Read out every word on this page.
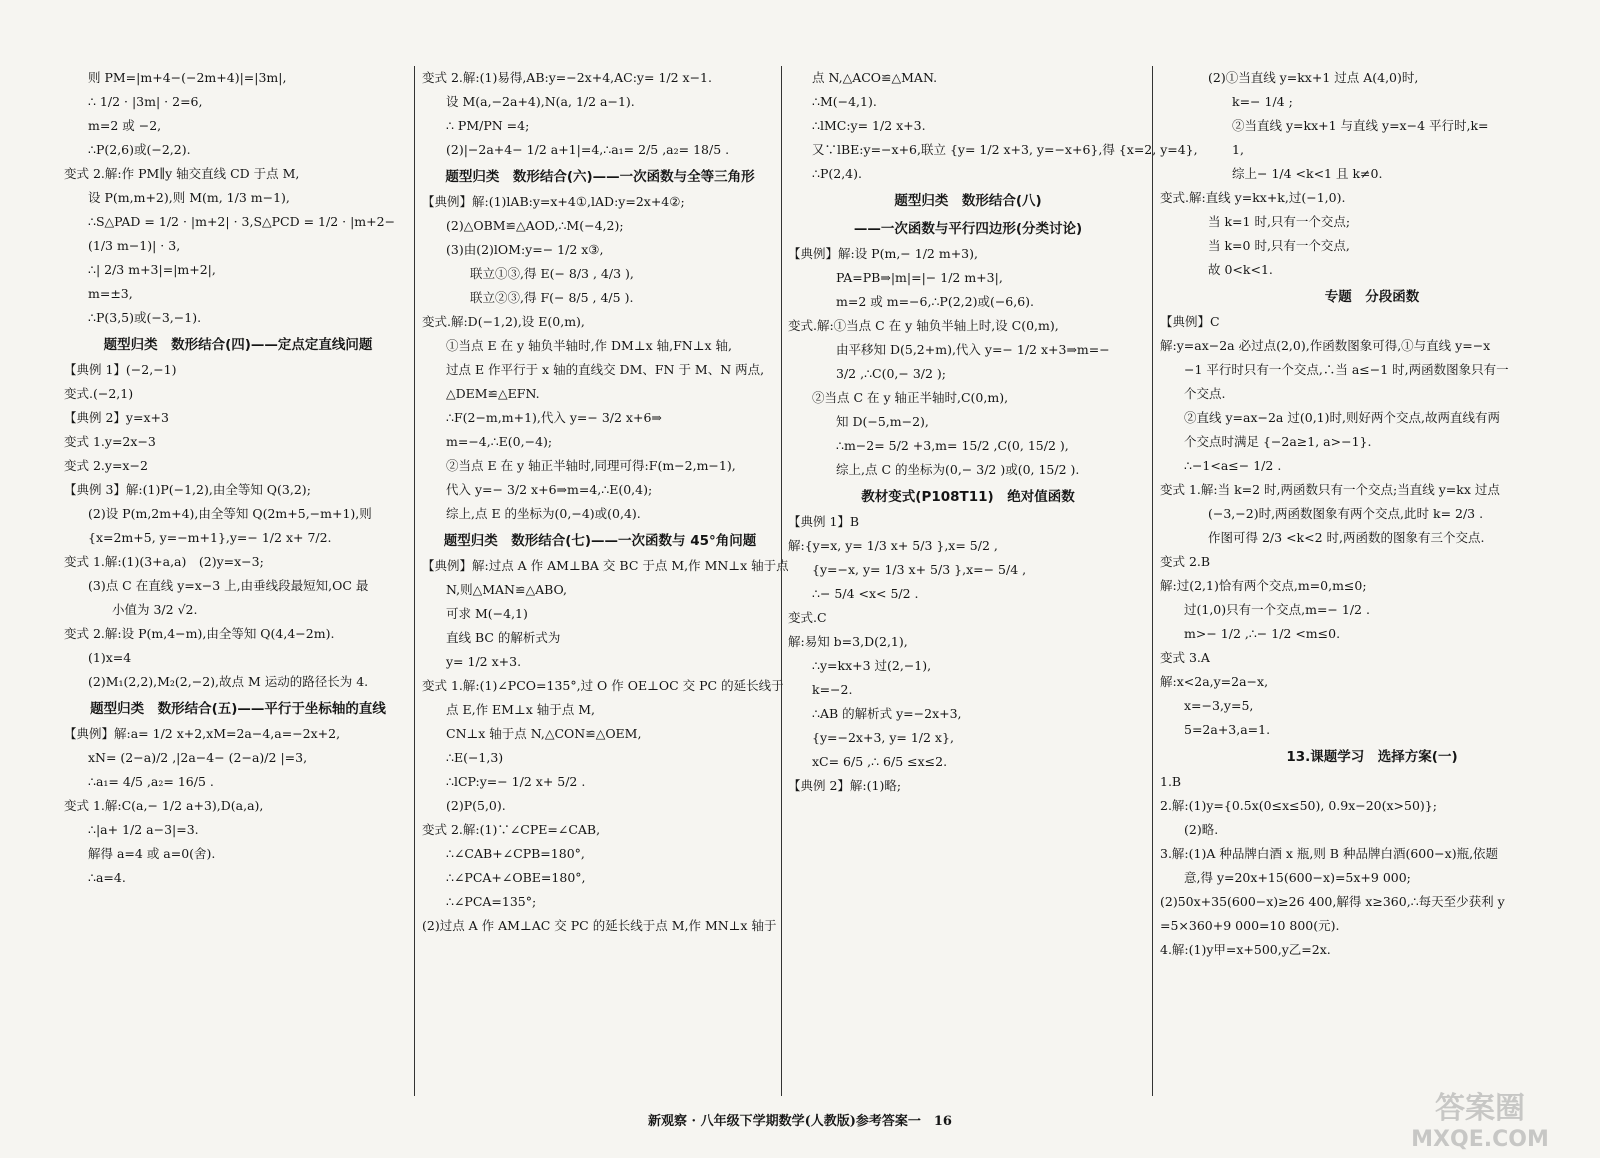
则 PM=|m+4−(−2m+4)|=|3m|,
∴ 1/2 · |3m| · 2=6,
m=2 或 −2,
∴P(2,6)或(−2,2).
变式 2.解:作 PM∥y 轴交直线 CD 于点 M,
设 P(m,m+2),则 M(m, 1/3 m−1),
∴S△PAD = 1/2 · |m+2| · 3,S△PCD = 1/2 · |m+2−
(1/3 m−1)| · 3,
∴| 2/3 m+3|=|m+2|,
m=±3,
∴P(3,5)或(−3,−1).
题型归类　数形结合(四)——定点定直线问题
【典例 1】(−2,−1)
变式.(−2,1)
【典例 2】y=x+3
变式 1.y=2x−3
变式 2.y=x−2
【典例 3】解:(1)P(−1,2),由全等知 Q(3,2);
(2)设 P(m,2m+4),由全等知 Q(2m+5,−m+1),则
{x=2m+5, y=−m+1},y=− 1/2 x+ 7/2.
变式 1.解:(1)(3+a,a)　(2)y=x−3;
(3)点 C 在直线 y=x−3 上,由垂线段最短知,OC 最
小值为 3/2 √2.
变式 2.解:设 P(m,4−m),由全等知 Q(4,4−2m).
(1)x=4
(2)M₁(2,2),M₂(2,−2),故点 M 运动的路径长为 4.
题型归类　数形结合(五)——平行于坐标轴的直线
【典例】解:a= 1/2 x+2,xM=2a−4,a=−2x+2,
xN= (2−a)/2 ,|2a−4− (2−a)/2 |=3,
∴a₁= 4/5 ,a₂= 16/5 .
变式 1.解:C(a,− 1/2 a+3),D(a,a),
∴|a+ 1/2 a−3|=3.
解得 a=4 或 a=0(舍).
∴a=4.
变式 2.解:(1)易得,AB:y=−2x+4,AC:y= 1/2 x−1.
设 M(a,−2a+4),N(a, 1/2 a−1).
∴ PM/PN =4;
(2)|−2a+4− 1/2 a+1|=4,∴a₁= 2/5 ,a₂= 18/5 .
题型归类　数形结合(六)——一次函数与全等三角形
【典例】解:(1)lAB:y=x+4①,lAD:y=2x+4②;
(2)△OBM≌△AOD,∴M(−4,2);
(3)由(2)lOM:y=− 1/2 x③,
联立①③,得 E(− 8/3 , 4/3 ),
联立②③,得 F(− 8/5 , 4/5 ).
变式.解:D(−1,2),设 E(0,m),
①当点 E 在 y 轴负半轴时,作 DM⊥x 轴,FN⊥x 轴,
过点 E 作平行于 x 轴的直线交 DM、FN 于 M、N 两点,
△DEM≌△EFN.
∴F(2−m,m+1),代入 y=− 3/2 x+6⇒
m=−4,∴E(0,−4);
②当点 E 在 y 轴正半轴时,同理可得:F(m−2,m−1),
代入 y=− 3/2 x+6⇒m=4,∴E(0,4);
综上,点 E 的坐标为(0,−4)或(0,4).
题型归类　数形结合(七)——一次函数与 45°角问题
【典例】解:过点 A 作 AM⊥BA 交 BC 于点 M,作 MN⊥x 轴于点
N,则△MAN≌△ABO,
可求 M(−4,1)
直线 BC 的解析式为
y= 1/2 x+3.
变式 1.解:(1)∠PCO=135°,过 O 作 OE⊥OC 交 PC 的延长线于
点 E,作 EM⊥x 轴于点 M,
CN⊥x 轴于点 N,△CON≌△OEM,
∴E(−1,3)
∴lCP:y=− 1/2 x+ 5/2 .
(2)P(5,0).
变式 2.解:(1)∵∠CPE=∠CAB,
∴∠CAB+∠CPB=180°,
∴∠PCA+∠OBE=180°,
∴∠PCA=135°;
(2)过点 A 作 AM⊥AC 交 PC 的延长线于点 M,作 MN⊥x 轴于
点 N,△ACO≌△MAN.
∴M(−4,1).
∴lMC:y= 1/2 x+3.
又∵lBE:y=−x+6,联立 {y= 1/2 x+3, y=−x+6},得 {x=2, y=4},
∴P(2,4).
题型归类　数形结合(八)
——一次函数与平行四边形(分类讨论)
【典例】解:设 P(m,− 1/2 m+3),
PA=PB⇒|m|=|− 1/2 m+3|,
m=2 或 m=−6,∴P(2,2)或(−6,6).
变式.解:①当点 C 在 y 轴负半轴上时,设 C(0,m),
由平移知 D(5,2+m),代入 y=− 1/2 x+3⇒m=−
3/2 ,∴C(0,− 3/2 );
②当点 C 在 y 轴正半轴时,C(0,m),
知 D(−5,m−2),
∴m−2= 5/2 +3,m= 15/2 ,C(0, 15/2 ),
综上,点 C 的坐标为(0,− 3/2 )或(0, 15/2 ).
教材变式(P108T11)　绝对值函数
【典例 1】B
解:{y=x, y= 1/3 x+ 5/3 },x= 5/2 ,
{y=−x, y= 1/3 x+ 5/3 },x=− 5/4 ,
∴− 5/4 <x< 5/2 .
变式.C
解:易知 b=3,D(2,1),
∴y=kx+3 过(2,−1),
k=−2.
∴AB 的解析式 y=−2x+3,
{y=−2x+3, y= 1/2 x},
xC= 6/5 ,∴ 6/5 ≤x≤2.
【典例 2】解:(1)略;
(2)①当直线 y=kx+1 过点 A(4,0)时,
k=− 1/4 ;
②当直线 y=kx+1 与直线 y=x−4 平行时,k=
1,
综上− 1/4 <k<1 且 k≠0.
变式.解:直线 y=kx+k,过(−1,0).
当 k=1 时,只有一个交点;
当 k=0 时,只有一个交点,
故 0<k<1.
专题　分段函数
【典例】C
解:y=ax−2a 必过点(2,0),作函数图象可得,①与直线 y=−x
−1 平行时只有一个交点,∴当 a≤−1 时,两函数图象只有一
个交点.
②直线 y=ax−2a 过(0,1)时,则好两个交点,故两直线有两
个交点时满足 {−2a≥1, a>−1}.
∴−1<a≤− 1/2 .
变式 1.解:当 k=2 时,两函数只有一个交点;当直线 y=kx 过点
(−3,−2)时,两函数图象有两个交点,此时 k= 2/3 .
作图可得 2/3 <k<2 时,两函数的图象有三个交点.
变式 2.B
解:过(2,1)恰有两个交点,m=0,m≤0;
过(1,0)只有一个交点,m=− 1/2 .
m>− 1/2 ,∴− 1/2 <m≤0.
变式 3.A
解:x<2a,y=2a−x,
x=−3,y=5,
5=2a+3,a=1.
13.课题学习　选择方案(一)
1.B
2.解:(1)y={0.5x(0≤x≤50), 0.9x−20(x>50)};
(2)略.
3.解:(1)A 种品牌白酒 x 瓶,则 B 种品牌白酒(600−x)瓶,依题
意,得 y=20x+15(600−x)=5x+9 000;
(2)50x+35(600−x)≥26 400,解得 x≥360,∴每天至少获利 y
=5×360+9 000=10 800(元).
4.解:(1)y甲=x+500,y乙=2x.
新观察 · 八年级下学期数学(人教版)参考答案一　16	答案圈
MXQE.COM
